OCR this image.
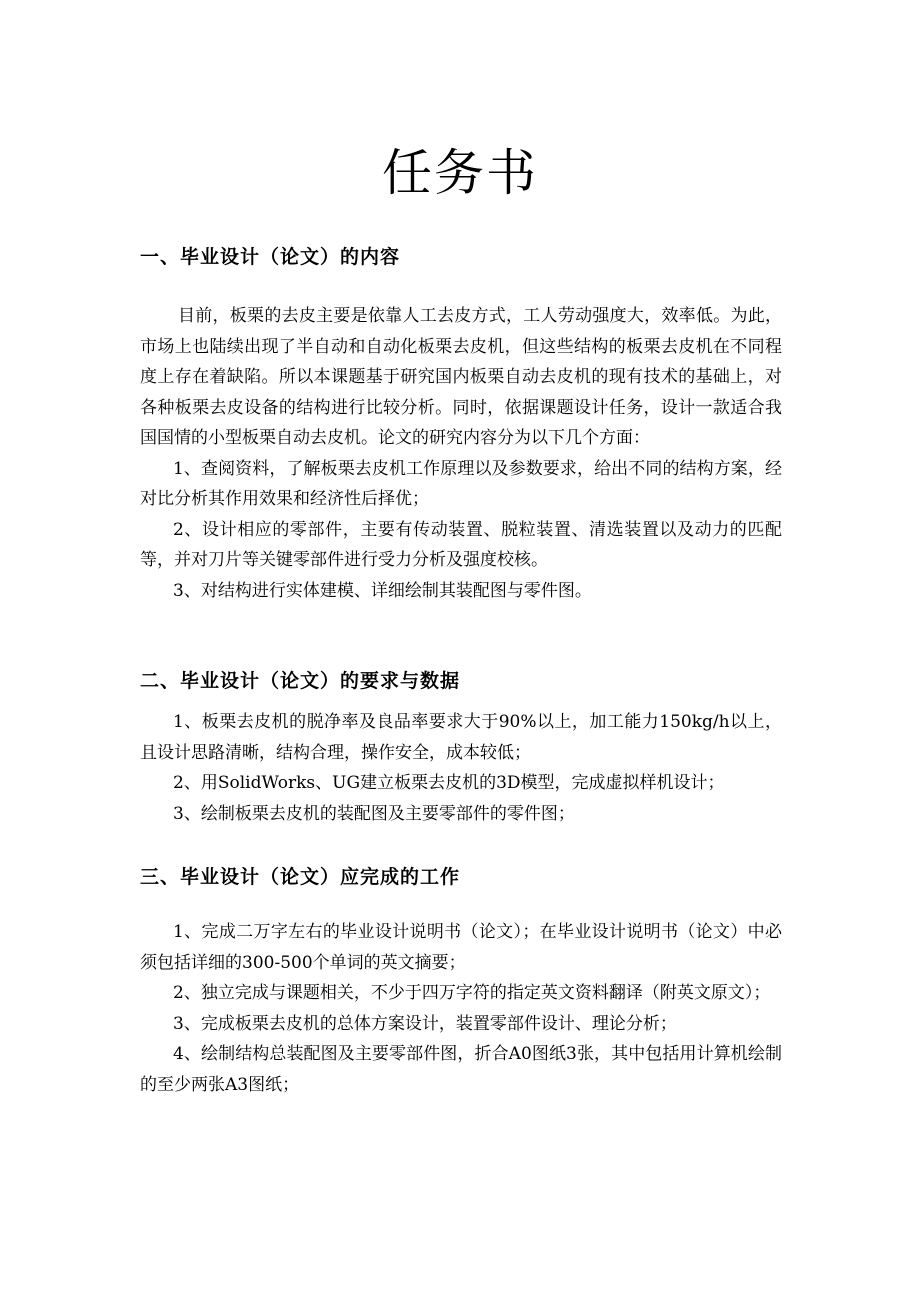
任务书
一、毕业设计（论文）的内容

目前，板栗的去皮主要是依靠人工去皮方式，工人劳动强度大，效率低。为此，市场上也陆续出现了半自动和自动化板栗去皮机，但这些结构的板栗去皮机在不同程度上存在着缺陷。所以本课题基于研究国内板栗自动去皮机的现有技术的基础上，对各种板栗去皮设备的结构进行比较分析。同时，依据课题设计任务，设计一款适合我国国情的小型板栗自动去皮机。论文的研究内容分为以下几个方面：

1、查阅资料，了解板栗去皮机工作原理以及参数要求，给出不同的结构方案，经对比分析其作用效果和经济性后择优；

2、设计相应的零部件，主要有传动装置、脱粒装置、清选装置以及动力的匹配等，并对刀片等关键零部件进行受力分析及强度校核。

3、对结构进行实体建模、详细绘制其装配图与零件图。

二、毕业设计（论文）的要求与数据

1、板栗去皮机的脱净率及良品率要求大于90%以上，加工能力150kg/h以上，且设计思路清晰，结构合理，操作安全，成本较低；

2、用SolidWorks、UG建立板栗去皮机的3D模型，完成虚拟样机设计；

3、绘制板栗去皮机的装配图及主要零部件的零件图；

三、毕业设计（论文）应完成的工作

1、完成二万字左右的毕业设计说明书（论文）；在毕业设计说明书（论文）中必须包括详细的300-500个单词的英文摘要；

2、独立完成与课题相关，不少于四万字符的指定英文资料翻译（附英文原文）；

3、完成板栗去皮机的总体方案设计，装置零部件设计、理论分析；

4、绘制结构总装配图及主要零部件图，折合A0图纸3张，其中包括用计算机绘制的至少两张A3图纸；
